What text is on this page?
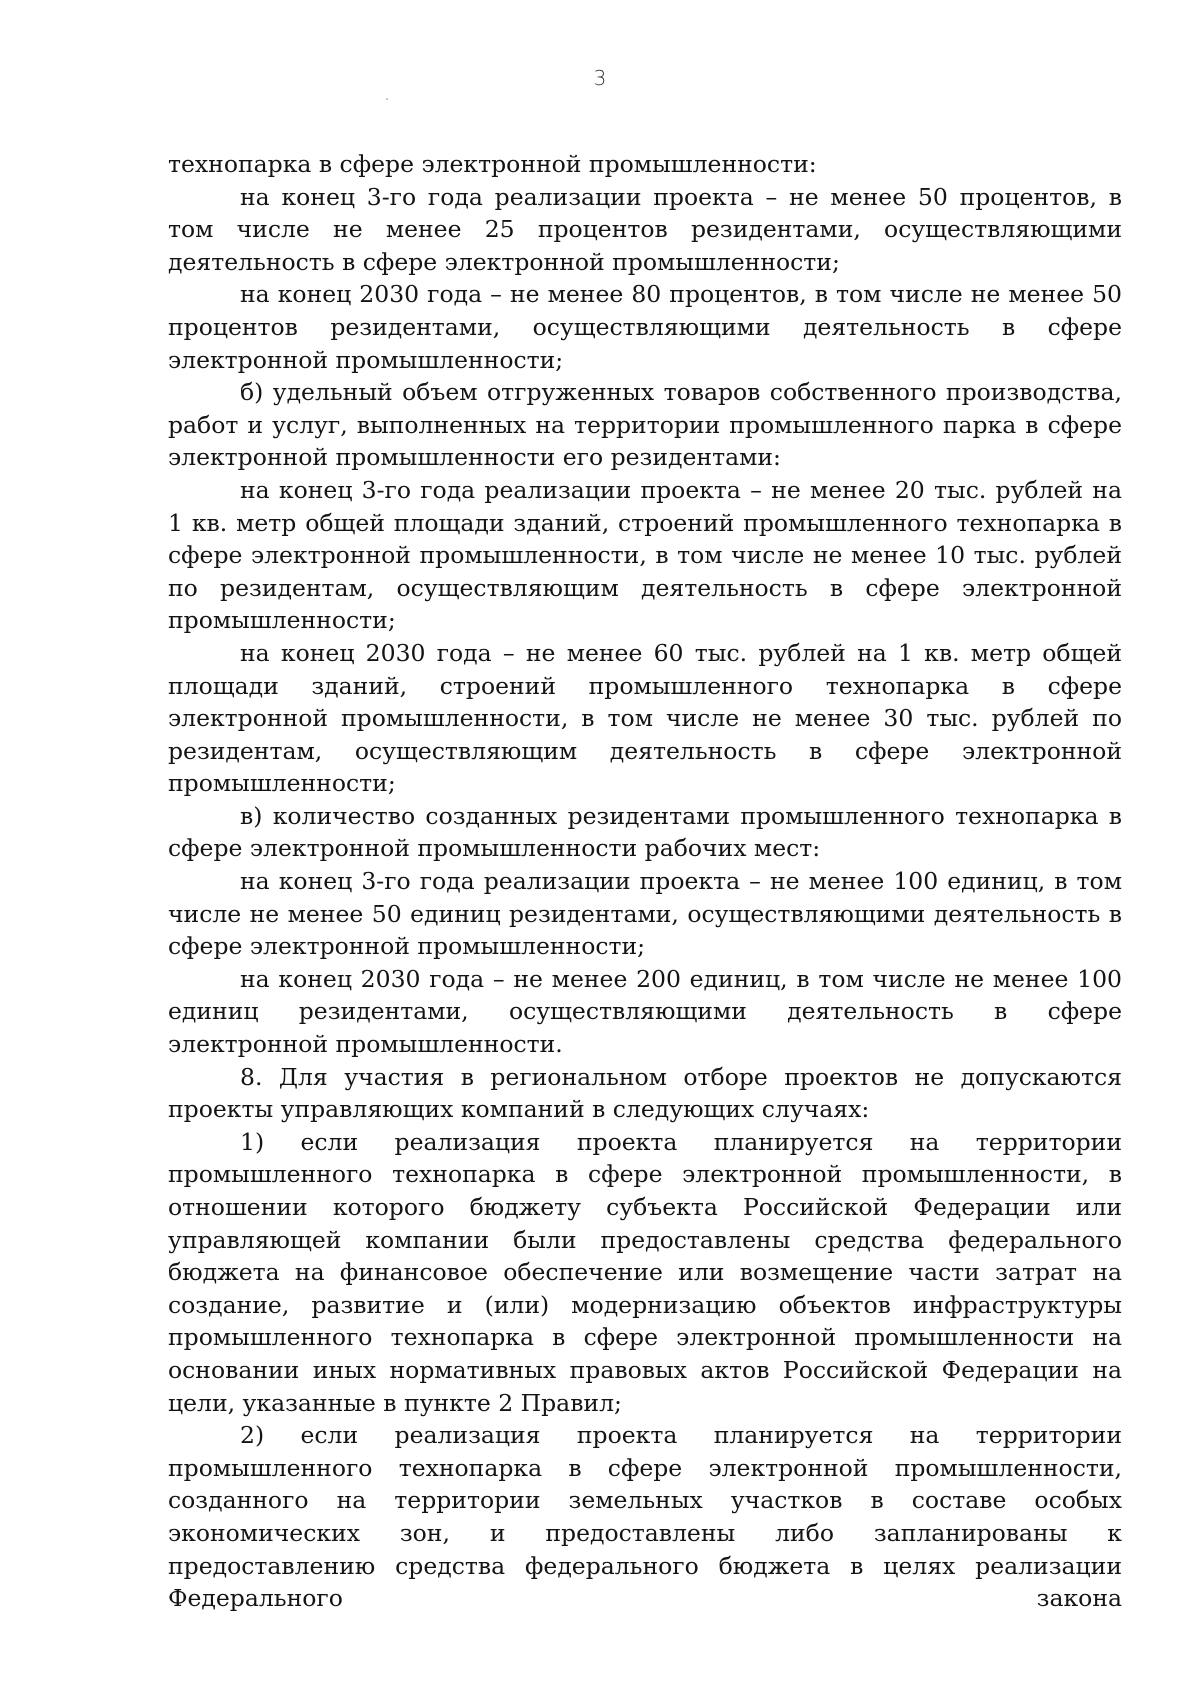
3

технопарка в сфере электронной промышленности:

на конец 3-го года реализации проекта – не менее 50 процентов, в том числе не менее 25 процентов резидентами, осуществляющими деятельность в сфере электронной промышленности;

на конец 2030 года – не менее 80 процентов, в том числе не менее 50 процентов резидентами, осуществляющими деятельность в сфере электронной промышленности;

б) удельный объем отгруженных товаров собственного производства, работ и услуг, выполненных на территории промышленного парка в сфере электронной промышленности его резидентами:

на конец 3-го года реализации проекта – не менее 20 тыс. рублей на 1 кв. метр общей площади зданий, строений промышленного технопарка в сфере электронной промышленности, в том числе не менее 10 тыс. рублей по резидентам, осуществляющим деятельность в сфере электронной промышленности;

на конец 2030 года – не менее 60 тыс. рублей на 1 кв. метр общей площади зданий, строений промышленного технопарка в сфере электронной промышленности, в том числе не менее 30 тыс. рублей по резидентам, осуществляющим деятельность в сфере электронной промышленности;

в) количество созданных резидентами промышленного технопарка в сфере электронной промышленности рабочих мест:

на конец 3-го года реализации проекта – не менее 100 единиц, в том числе не менее 50 единиц резидентами, осуществляющими деятельность в сфере электронной промышленности;

на конец 2030 года – не менее 200 единиц, в том числе не менее 100 единиц резидентами, осуществляющими деятельность в сфере электронной промышленности.

8. Для участия в региональном отборе проектов не допускаются проекты управляющих компаний в следующих случаях:

1) если реализация проекта планируется на территории промышленного технопарка в сфере электронной промышленности, в отношении которого бюджету субъекта Российской Федерации или управляющей компании были предоставлены средства федерального бюджета на финансовое обеспечение или возмещение части затрат на создание, развитие и (или) модернизацию объектов инфраструктуры промышленного технопарка в сфере электронной промышленности на основании иных нормативных правовых актов Российской Федерации на цели, указанные в пункте 2 Правил;

2) если реализация проекта планируется на территории промышленного технопарка в сфере электронной промышленности, созданного на территории земельных участков в составе особых экономических зон, и предоставлены либо запланированы к предоставлению средства федерального бюджета в целях реализации Федерального закона
